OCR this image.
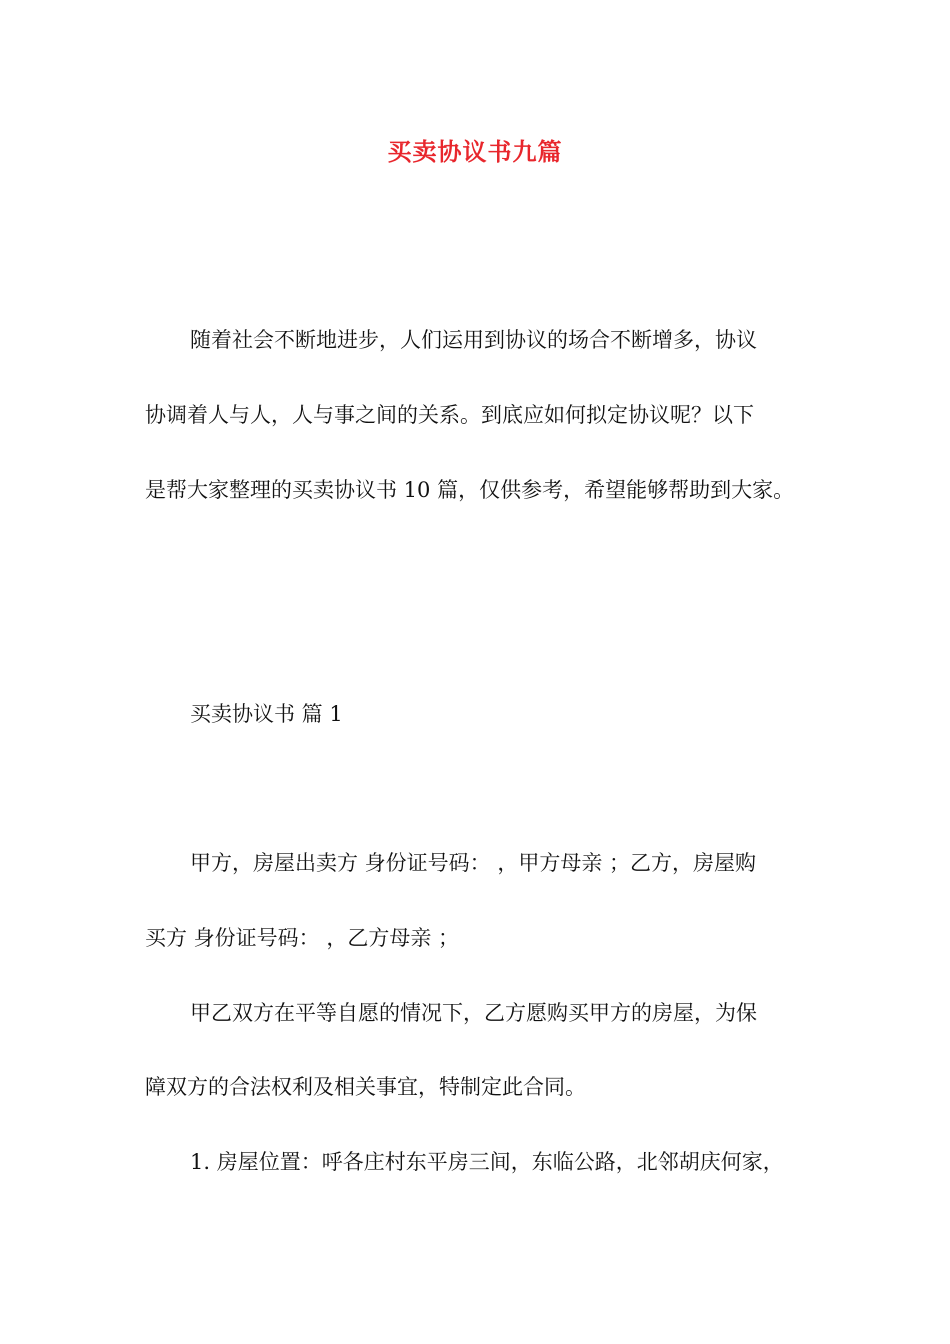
买卖协议书九篇
随着社会不断地进步，人们运用到协议的场合不断增多，协议
协调着人与人，人与事之间的关系。到底应如何拟定协议呢？以下
是帮大家整理的买卖协议书 10 篇，仅供参考，希望能够帮助到大家。
买卖协议书 篇 1
甲方，房屋出卖方 身份证号码： ，甲方母亲 ；乙方，房屋购
买方 身份证号码： ，乙方母亲 ；
甲乙双方在平等自愿的情况下，乙方愿购买甲方的房屋，为保
障双方的合法权利及相关事宜，特制定此合同。
1. 房屋位置：呼各庄村东平房三间，东临公路，北邻胡庆何家，
